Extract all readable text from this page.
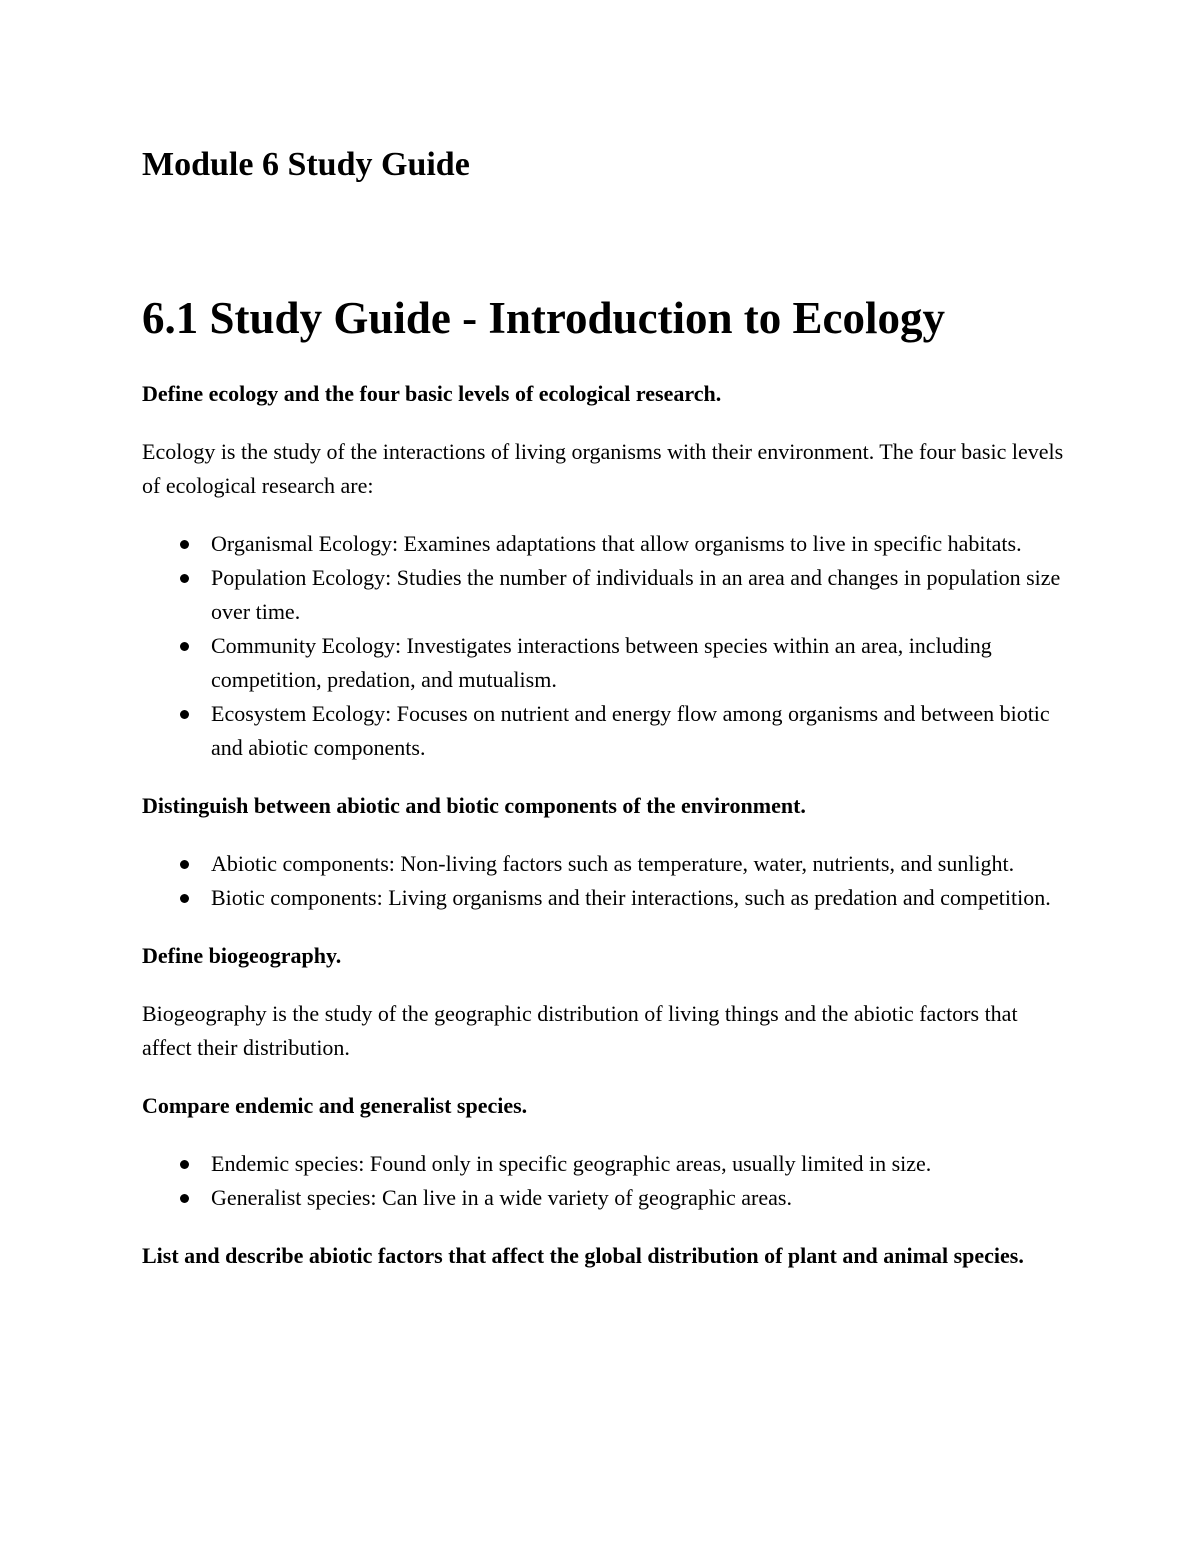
Module 6 Study Guide
6.1 Study Guide - Introduction to Ecology

Define ecology and the four basic levels of ecological research.

Ecology is the study of the interactions of living organisms with their environment. The four basic levels of ecological research are:

Organismal Ecology: Examines adaptations that allow organisms to live in specific habitats.
Population Ecology: Studies the number of individuals in an area and changes in population size over time.
Community Ecology: Investigates interactions between species within an area, including competition, predation, and mutualism.
Ecosystem Ecology: Focuses on nutrient and energy flow among organisms and between biotic and abiotic components.

Distinguish between abiotic and biotic components of the environment.

Abiotic components: Non-living factors such as temperature, water, nutrients, and sunlight.
Biotic components: Living organisms and their interactions, such as predation and competition.

Define biogeography.

Biogeography is the study of the geographic distribution of living things and the abiotic factors that affect their distribution.

Compare endemic and generalist species.

Endemic species: Found only in specific geographic areas, usually limited in size.
Generalist species: Can live in a wide variety of geographic areas.

List and describe abiotic factors that affect the global distribution of plant and animal species.
